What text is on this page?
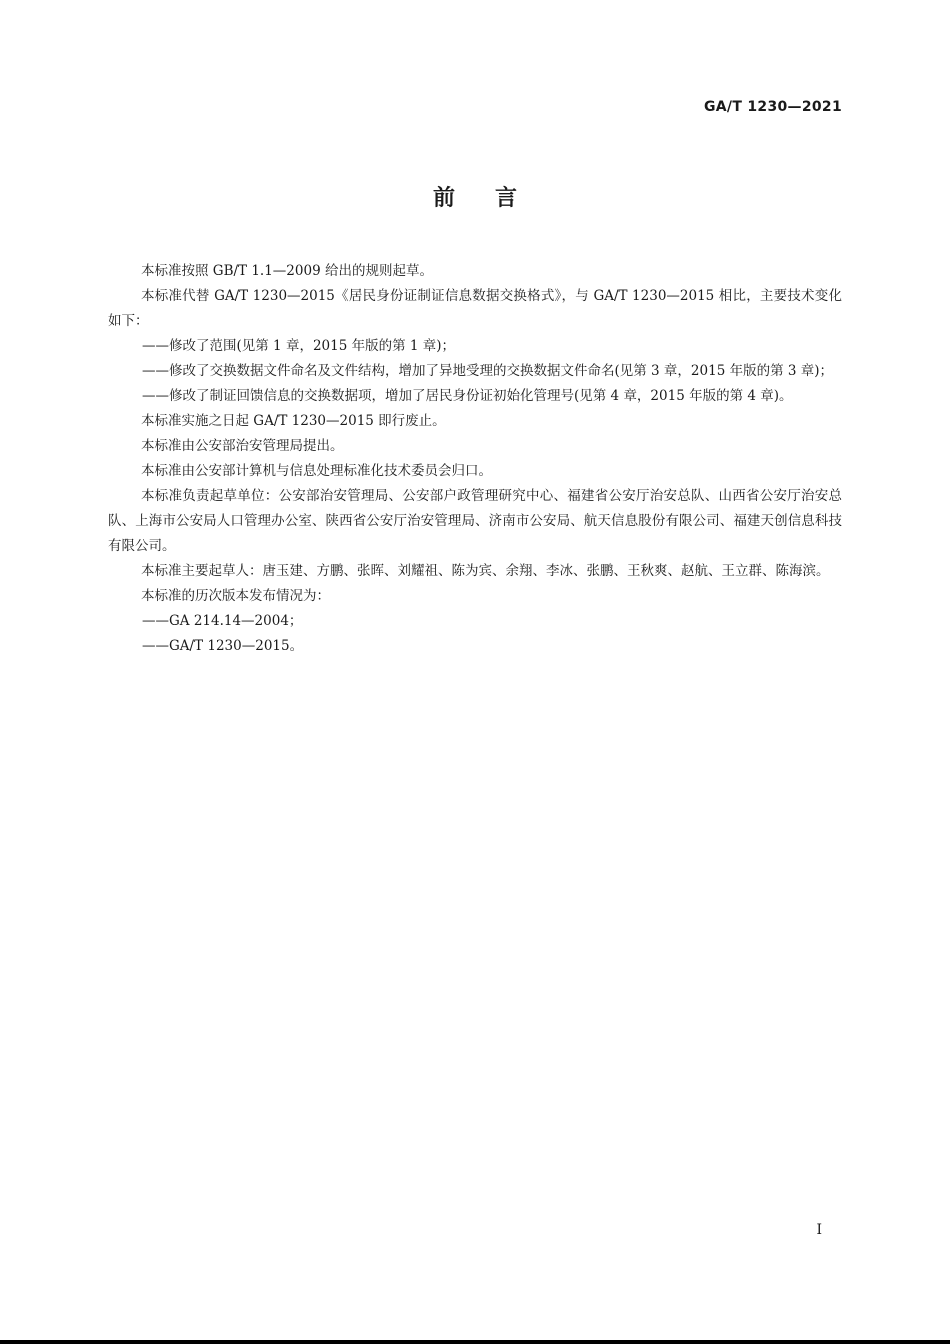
GA/T 1230—2021
前言

本标准按照 GB/T 1.1—2009 给出的规则起草。

本标准代替 GA/T 1230—2015《居民身份证制证信息数据交换格式》，与 GA/T 1230—2015 相比，主要技术变化如下：

——修改了范围(见第 1 章，2015 年版的第 1 章)；

——修改了交换数据文件命名及文件结构，增加了异地受理的交换数据文件命名(见第 3 章，2015 年版的第 3 章)；

——修改了制证回馈信息的交换数据项，增加了居民身份证初始化管理号(见第 4 章，2015 年版的第 4 章)。

本标准实施之日起 GA/T 1230—2015 即行废止。

本标准由公安部治安管理局提出。

本标准由公安部计算机与信息处理标准化技术委员会归口。

本标准负责起草单位：公安部治安管理局、公安部户政管理研究中心、福建省公安厅治安总队、山西省公安厅治安总队、上海市公安局人口管理办公室、陕西省公安厅治安管理局、济南市公安局、航天信息股份有限公司、福建天创信息科技有限公司。

本标准主要起草人：唐玉建、方鹏、张晖、刘耀祖、陈为宾、余翔、李冰、张鹏、王秋爽、赵航、王立群、陈海滨。

本标准的历次版本发布情况为：

——GA 214.14—2004；

——GA/T 1230—2015。

I
